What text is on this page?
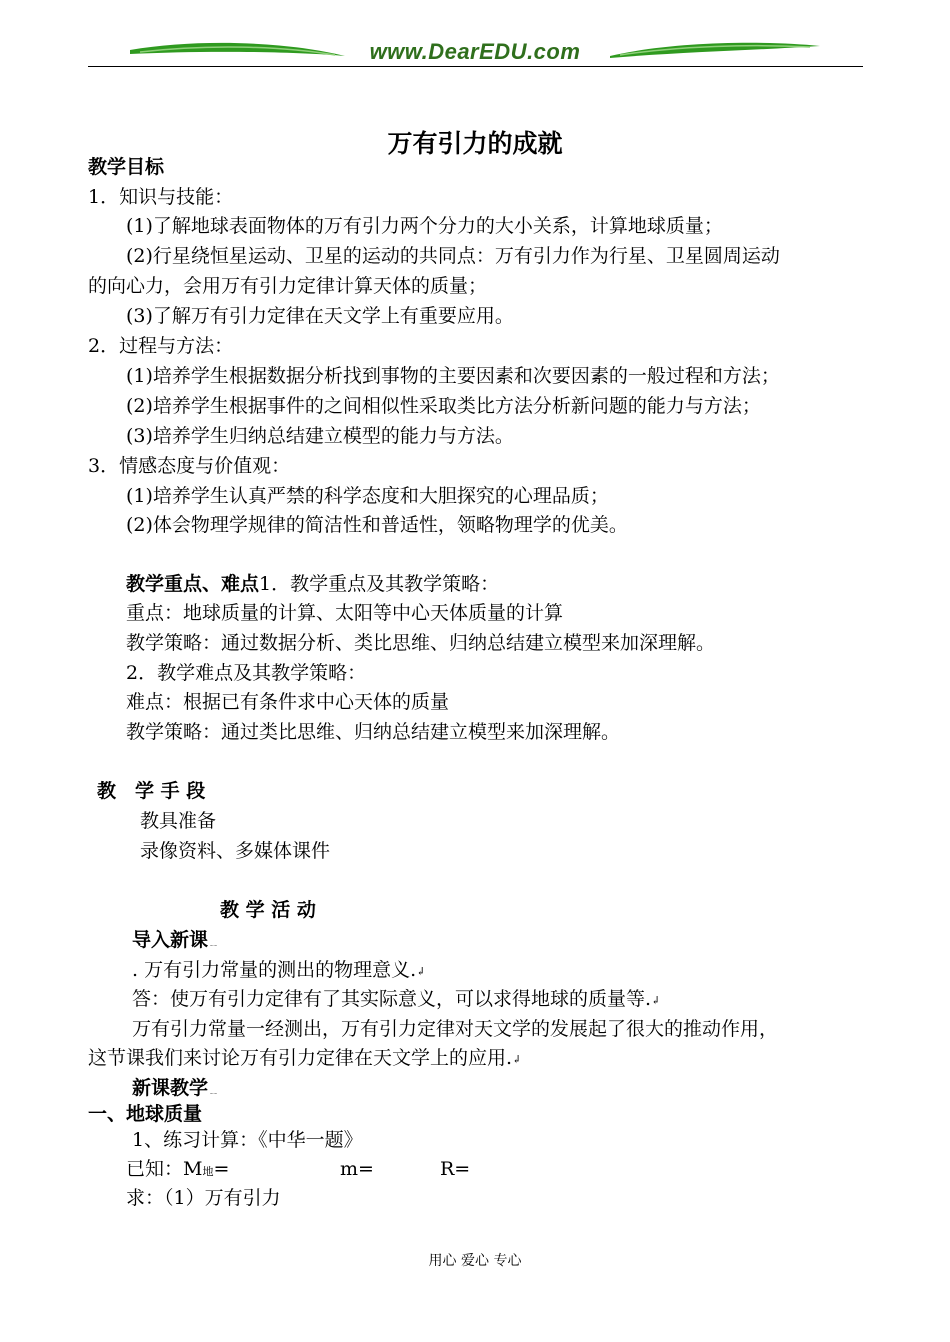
www.DearEDU.com
万有引力的成就
教学目标
1．知识与技能：
(1)了解地球表面物体的万有引力两个分力的大小关系，计算地球质量；
(2)行星绕恒星运动、卫星的运动的共同点：万有引力作为行星、卫星圆周运动
的向心力，会用万有引力定律计算天体的质量；
(3)了解万有引力定律在天文学上有重要应用。
2．过程与方法：
(1)培养学生根据数据分析找到事物的主要因素和次要因素的一般过程和方法；
(2)培养学生根据事件的之间相似性采取类比方法分析新问题的能力与方法；
(3)培养学生归纳总结建立模型的能力与方法。
3．情感态度与价值观：
(1)培养学生认真严禁的科学态度和大胆探究的心理品质；
(2)体会物理学规律的简洁性和普适性，领略物理学的优美。
教学重点、难点1．教学重点及其教学策略：
重点：地球质量的计算、太阳等中心天体质量的计算
教学策略：通过数据分析、类比思维、归纳总结建立模型来加深理解。
2．教学难点及其教学策略：
难点：根据已有条件求中心天体的质量
教学策略：通过类比思维、归纳总结建立模型来加深理解。
教　学 手 段
教具准备
录像资料、多媒体课件
教 学 活 动
导入新课﹎
. 万有引力常量的测出的物理意义.↲
答：使万有引力定律有了其实际意义，可以求得地球的质量等.↲
万有引力常量一经测出，万有引力定律对天文学的发展起了很大的推动作用，
这节课我们来讨论万有引力定律在天文学上的应用.↲
新课教学﹎
一、地球质量
1、练习计算：《中华一题》
已知：M地=	m=	R=
求：（1）万有引力
用心 爱心 专心
